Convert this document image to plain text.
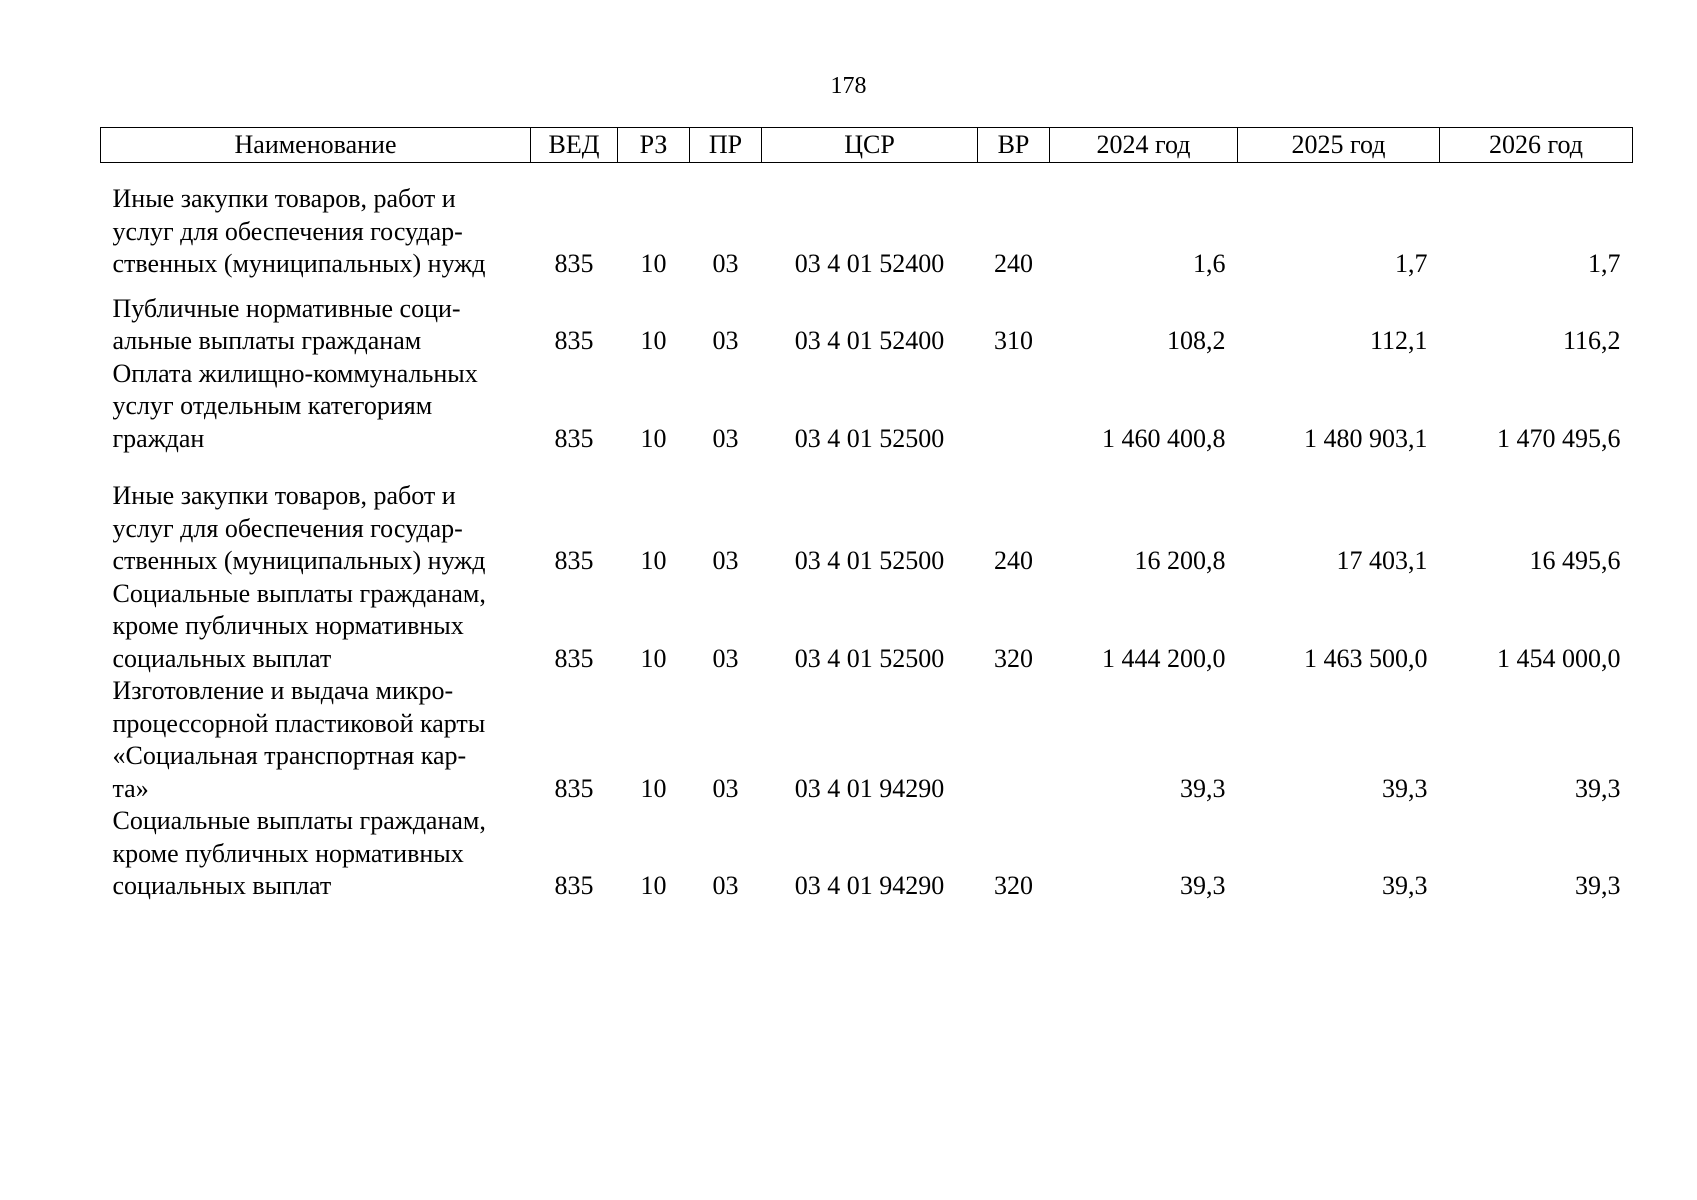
178
Наименование	ВЕД	РЗ	ПР	ЦСР	ВР	2024 год	2025 год	2026 год

Иные закупки товаров, работ и
услуг для обеспечения государ-
ственных (муниципальных) нужд	835	10	03	03 4 01 52400	240	1,6	1,7	1,7

Публичные нормативные соци-
альные выплаты гражданам	835	10	03	03 4 01 52400	310	108,2	112,1	116,2

Оплата жилищно-коммунальных
услуг отдельным категориям
граждан	835	10	03	03 4 01 52500		1 460 400,8	1 480 903,1	1 470 495,6

Иные закупки товаров, работ и
услуг для обеспечения государ-
ственных (муниципальных) нужд	835	10	03	03 4 01 52500	240	16 200,8	17 403,1	16 495,6

Социальные выплаты гражданам,
кроме публичных нормативных
социальных выплат	835	10	03	03 4 01 52500	320	1 444 200,0	1 463 500,0	1 454 000,0

Изготовление и выдача микро-
процессорной пластиковой карты
«Социальная транспортная кар-
та»	835	10	03	03 4 01 94290		39,3	39,3	39,3

Социальные выплаты гражданам,
кроме публичных нормативных
социальных выплат	835	10	03	03 4 01 94290	320	39,3	39,3	39,3
